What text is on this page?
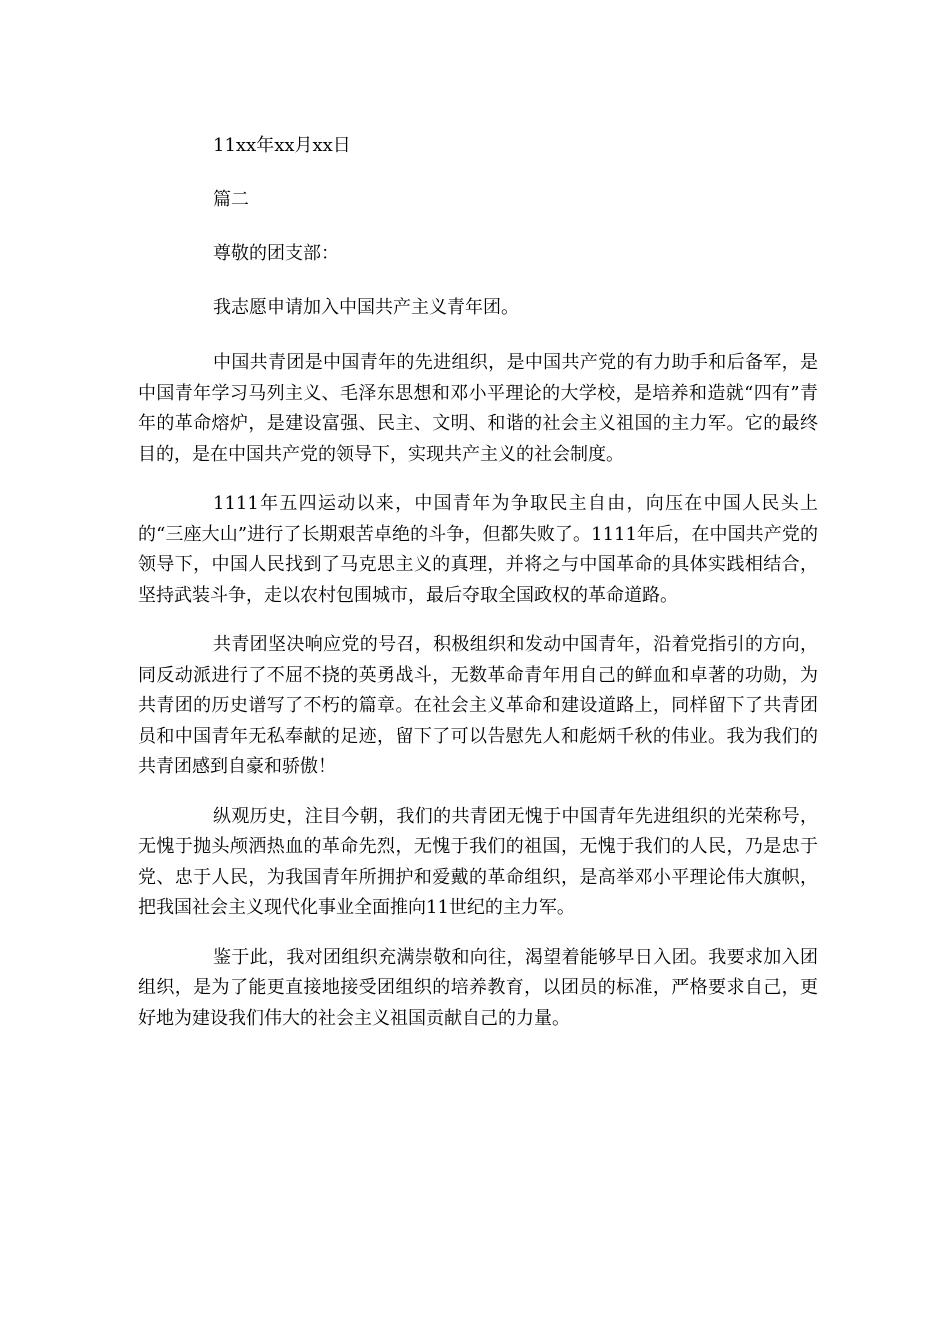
11xx年xx月xx日

篇二

尊敬的团支部：

我志愿申请加入中国共产主义青年团。

中国共青团是中国青年的先进组织，是中国共产党的有力助手和后备军，是中国青年学习马列主义、毛泽东思想和邓小平理论的大学校，是培养和造就“四有”青年的革命熔炉，是建设富强、民主、文明、和谐的社会主义祖国的主力军。它的最终目的，是在中国共产党的领导下，实现共产主义的社会制度。

1111年五四运动以来，中国青年为争取民主自由，向压在中国人民头上的“三座大山”进行了长期艰苦卓绝的斗争，但都失败了。1111年后，在中国共产党的领导下，中国人民找到了马克思主义的真理，并将之与中国革命的具体实践相结合，坚持武装斗争，走以农村包围城市，最后夺取全国政权的革命道路。

共青团坚决响应党的号召，积极组织和发动中国青年，沿着党指引的方向，同反动派进行了不屈不挠的英勇战斗，无数革命青年用自己的鲜血和卓著的功勋，为共青团的历史谱写了不朽的篇章。在社会主义革命和建设道路上，同样留下了共青团员和中国青年无私奉献的足迹，留下了可以告慰先人和彪炳千秋的伟业。我为我们的共青团感到自豪和骄傲！

纵观历史，注目今朝，我们的共青团无愧于中国青年先进组织的光荣称号，无愧于抛头颅洒热血的革命先烈，无愧于我们的祖国，无愧于我们的人民，乃是忠于党、忠于人民，为我国青年所拥护和爱戴的革命组织，是高举邓小平理论伟大旗帜，把我国社会主义现代化事业全面推向11世纪的主力军。

鉴于此，我对团组织充满崇敬和向往，渴望着能够早日入团。我要求加入团组织，是为了能更直接地接受团组织的培养教育，以团员的标准，严格要求自己，更好地为建设我们伟大的社会主义祖国贡献自己的力量。
